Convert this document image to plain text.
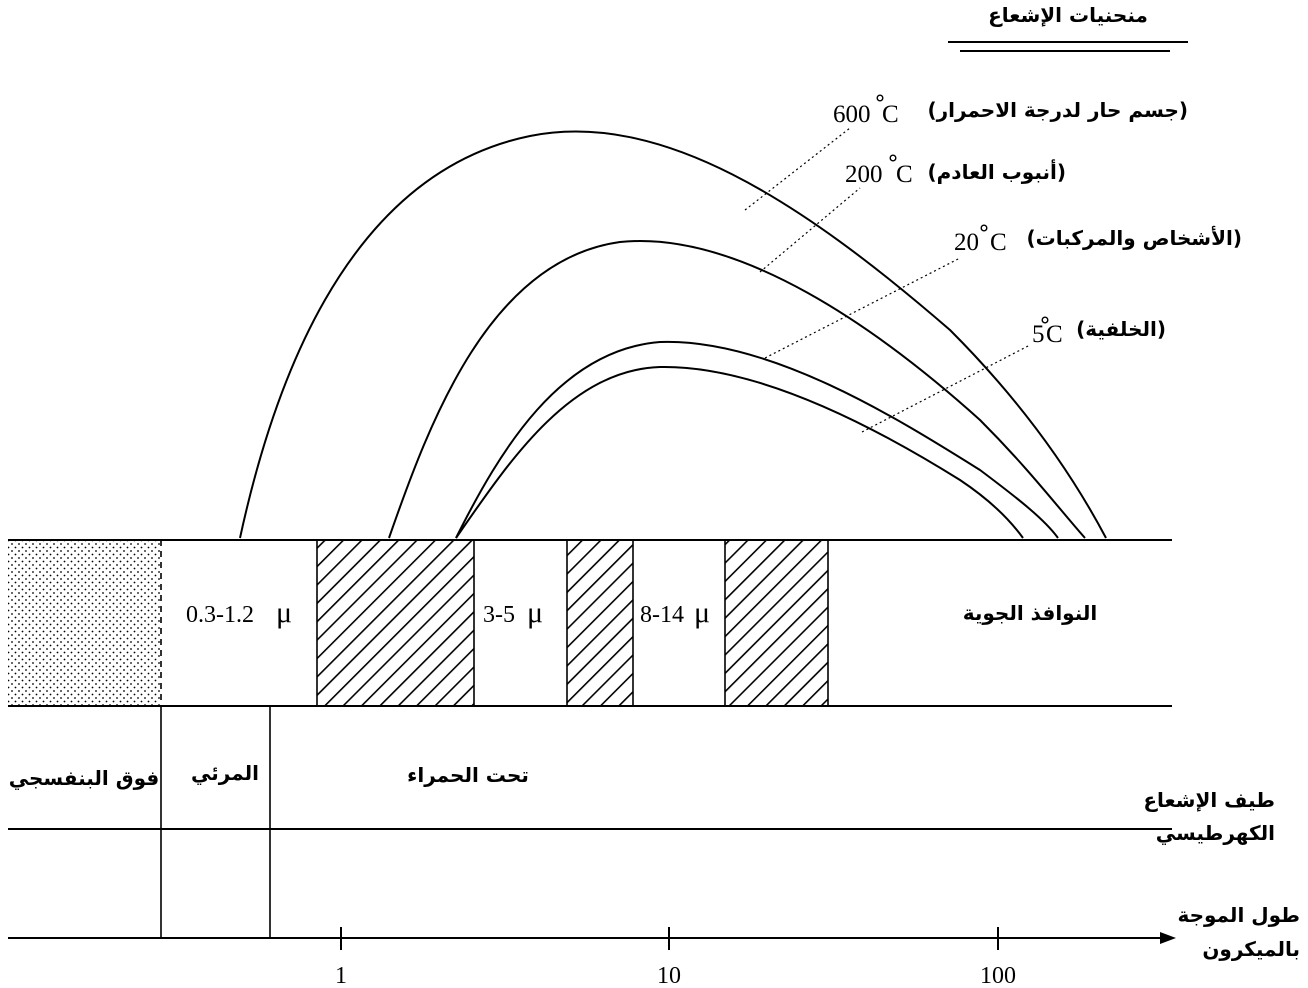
منحنيات الإشعاع
600 C (جسم حار لدرجة الاحمرار)
200 C (أنبوب العادم)
20 C (الأشخاص والمركبات)
5 C (الخلفية)
0.3-1.2 μ	3-5 μ	8-14 μ	النوافذ الجوية
فوق البنفسجي المرئي	تحت الحمراء
طيف الإشعاع
الكهرطيسي
1	10	100
طول الموجة
بالميكرون
